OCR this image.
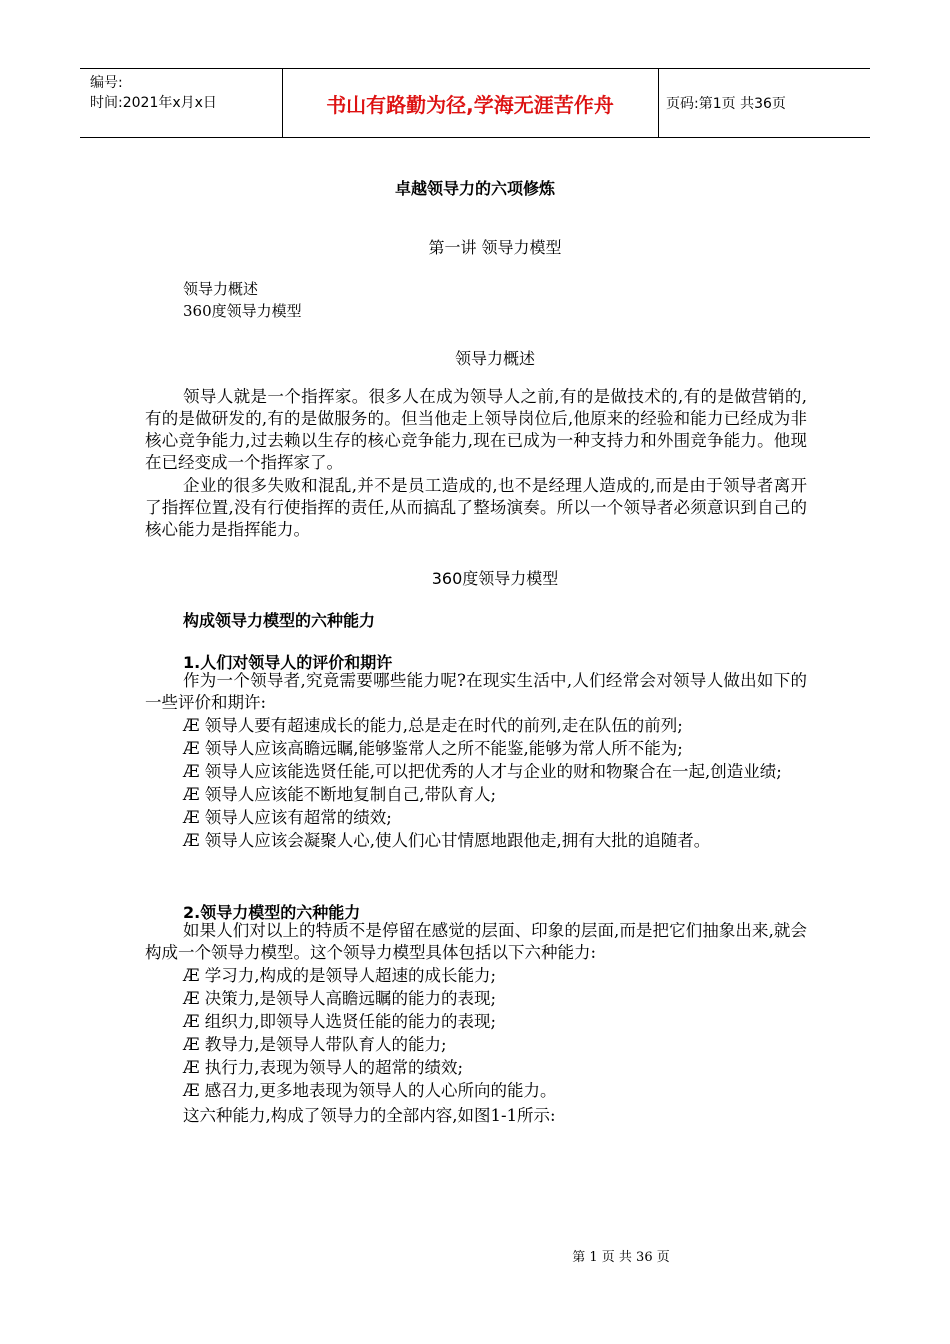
编号:
时间:2021年x月x日	书山有路勤为径,学海无涯苦作舟	页码:第1页 共36页
卓越领导力的六项修炼
第一讲 领导力模型
领导力概述
360度领导力模型
领导力概述

领导人就是一个指挥家。很多人在成为领导人之前,有的是做技术的,有的是做营销的,有的是做研发的,有的是做服务的。但当他走上领导岗位后,他原来的经验和能力已经成为非核心竞争能力,过去赖以生存的核心竞争能力,现在已成为一种支持力和外围竞争能力。他现在已经变成一个指挥家了。

企业的很多失败和混乱,并不是员工造成的,也不是经理人造成的,而是由于领导者离开了指挥位置,没有行使指挥的责任,从而搞乱了整场演奏。所以一个领导者必须意识到自己的核心能力是指挥能力。

360度领导力模型
构成领导力模型的六种能力
1.人们对领导人的评价和期许

作为一个领导者,究竟需要哪些能力呢?在现实生活中,人们经常会对领导人做出如下的一些评价和期许:

Æ 领导人要有超速成长的能力,总是走在时代的前列,走在队伍的前列;
Æ 领导人应该高瞻远瞩,能够鉴常人之所不能鉴,能够为常人所不能为;
Æ 领导人应该能选贤任能,可以把优秀的人才与企业的财和物聚合在一起,创造业绩;
Æ 领导人应该能不断地复制自己,带队育人;
Æ 领导人应该有超常的绩效;
Æ 领导人应该会凝聚人心,使人们心甘情愿地跟他走,拥有大批的追随者。
2.领导力模型的六种能力

如果人们对以上的特质不是停留在感觉的层面、印象的层面,而是把它们抽象出来,就会构成一个领导力模型。这个领导力模型具体包括以下六种能力:

Æ 学习力,构成的是领导人超速的成长能力;
Æ 决策力,是领导人高瞻远瞩的能力的表现;
Æ 组织力,即领导人选贤任能的能力的表现;
Æ 教导力,是领导人带队育人的能力;
Æ 执行力,表现为领导人的超常的绩效;
Æ 感召力,更多地表现为领导人的人心所向的能力。

这六种能力,构成了领导力的全部内容,如图1-1所示:

第 1 页 共 36 页
